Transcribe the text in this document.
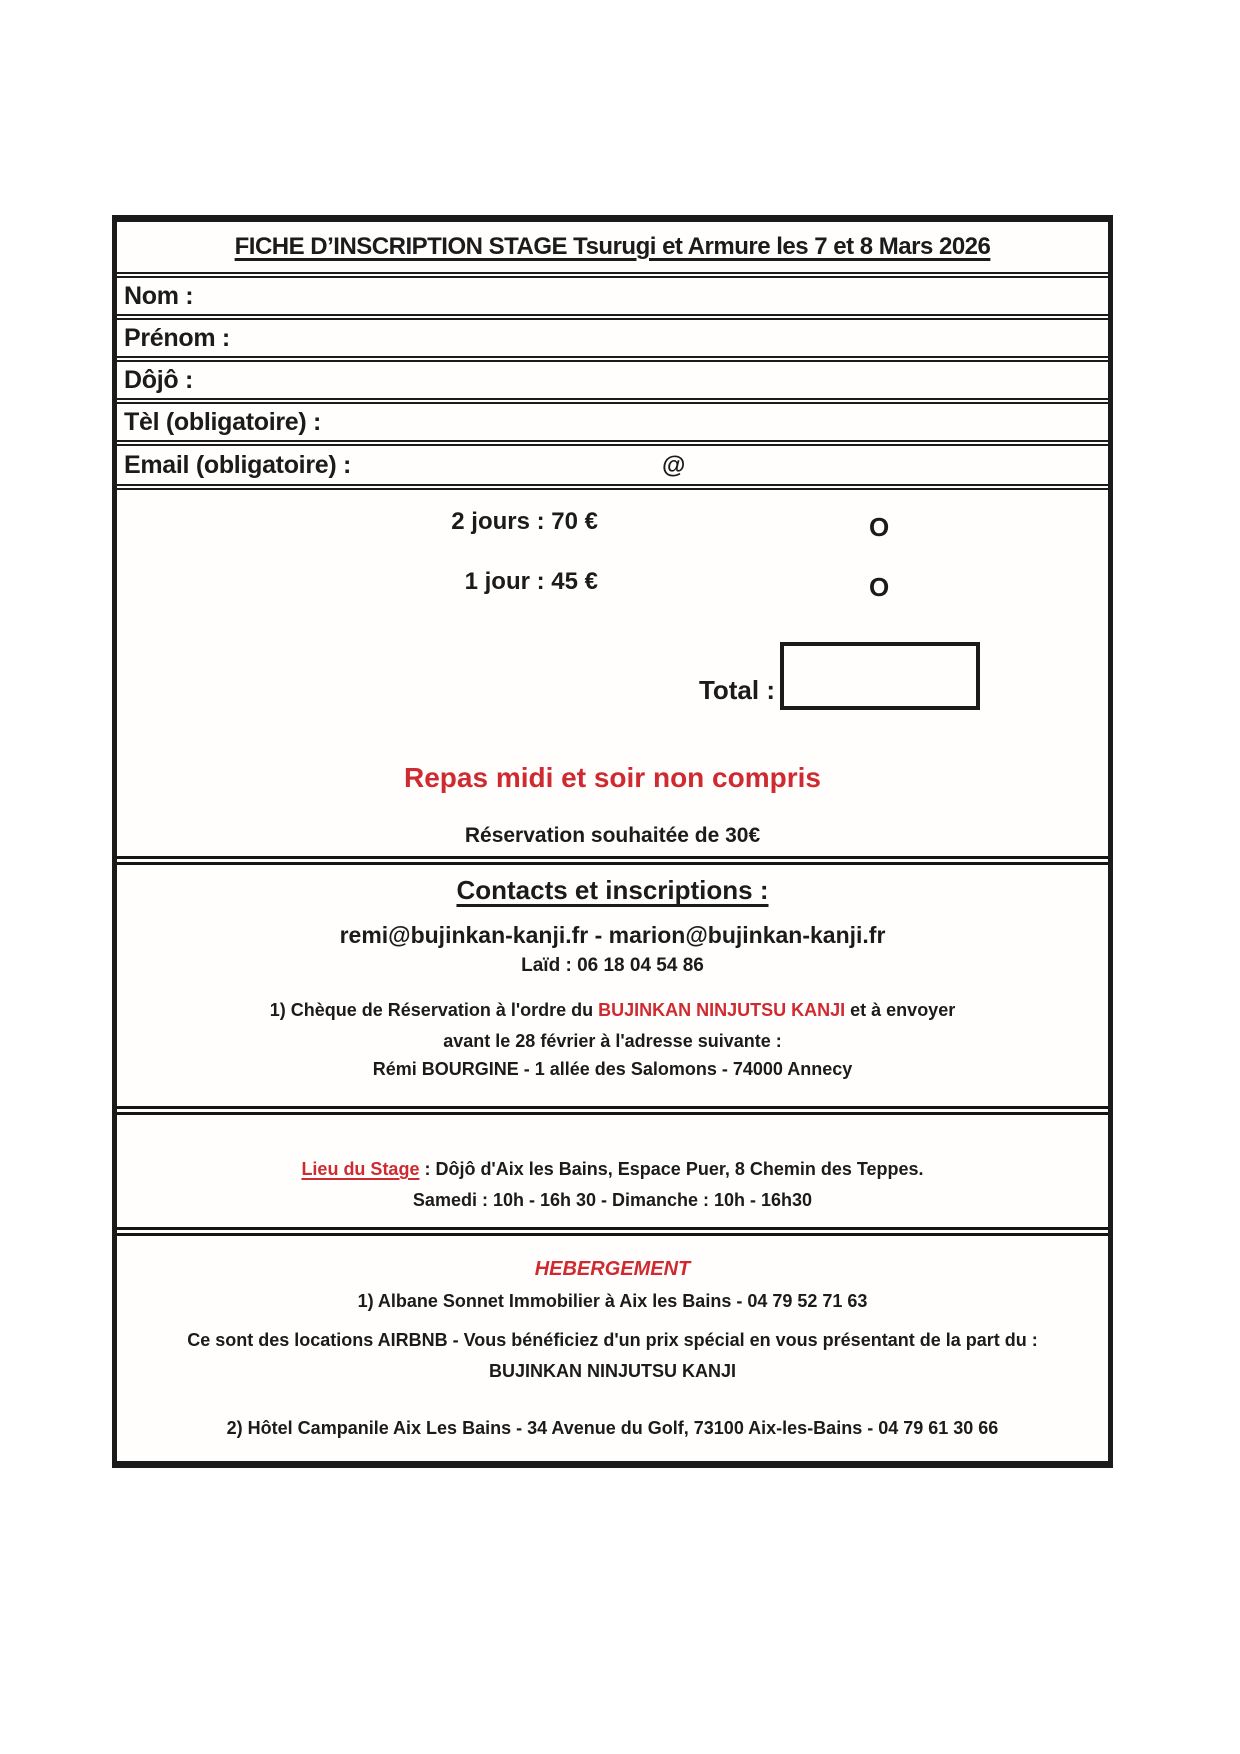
FICHE D’INSCRIPTION STAGE Tsurugi et Armure les 7 et 8 Mars 2026
Nom :
Prénom :
Dôjô :
Tèl (obligatoire) :
Email (obligatoire) :	@
2 jours : 70 €	O
1 jour : 45 €	O
Total :
Repas midi et soir non compris
Réservation souhaitée de 30€
Contacts et inscriptions :
remi@bujinkan-kanji.fr - marion@bujinkan-kanji.fr
Laïd : 06 18 04 54 86
1) Chèque de Réservation à l'ordre du BUJINKAN NINJUTSU KANJI et à envoyer
avant le 28 février à l'adresse suivante :
Rémi BOURGINE - 1 allée des Salomons - 74000 Annecy
Lieu du Stage : Dôjô d'Aix les Bains, Espace Puer, 8 Chemin des Teppes.
Samedi : 10h - 16h 30 - Dimanche : 10h - 16h30
HEBERGEMENT
1) Albane Sonnet Immobilier à Aix les Bains - 04 79 52 71 63
Ce sont des locations AIRBNB - Vous bénéficiez d'un prix spécial en vous présentant de la part du :
BUJINKAN NINJUTSU KANJI
2) Hôtel Campanile Aix Les Bains - 34 Avenue du Golf, 73100 Aix-les-Bains - 04 79 61 30 66
